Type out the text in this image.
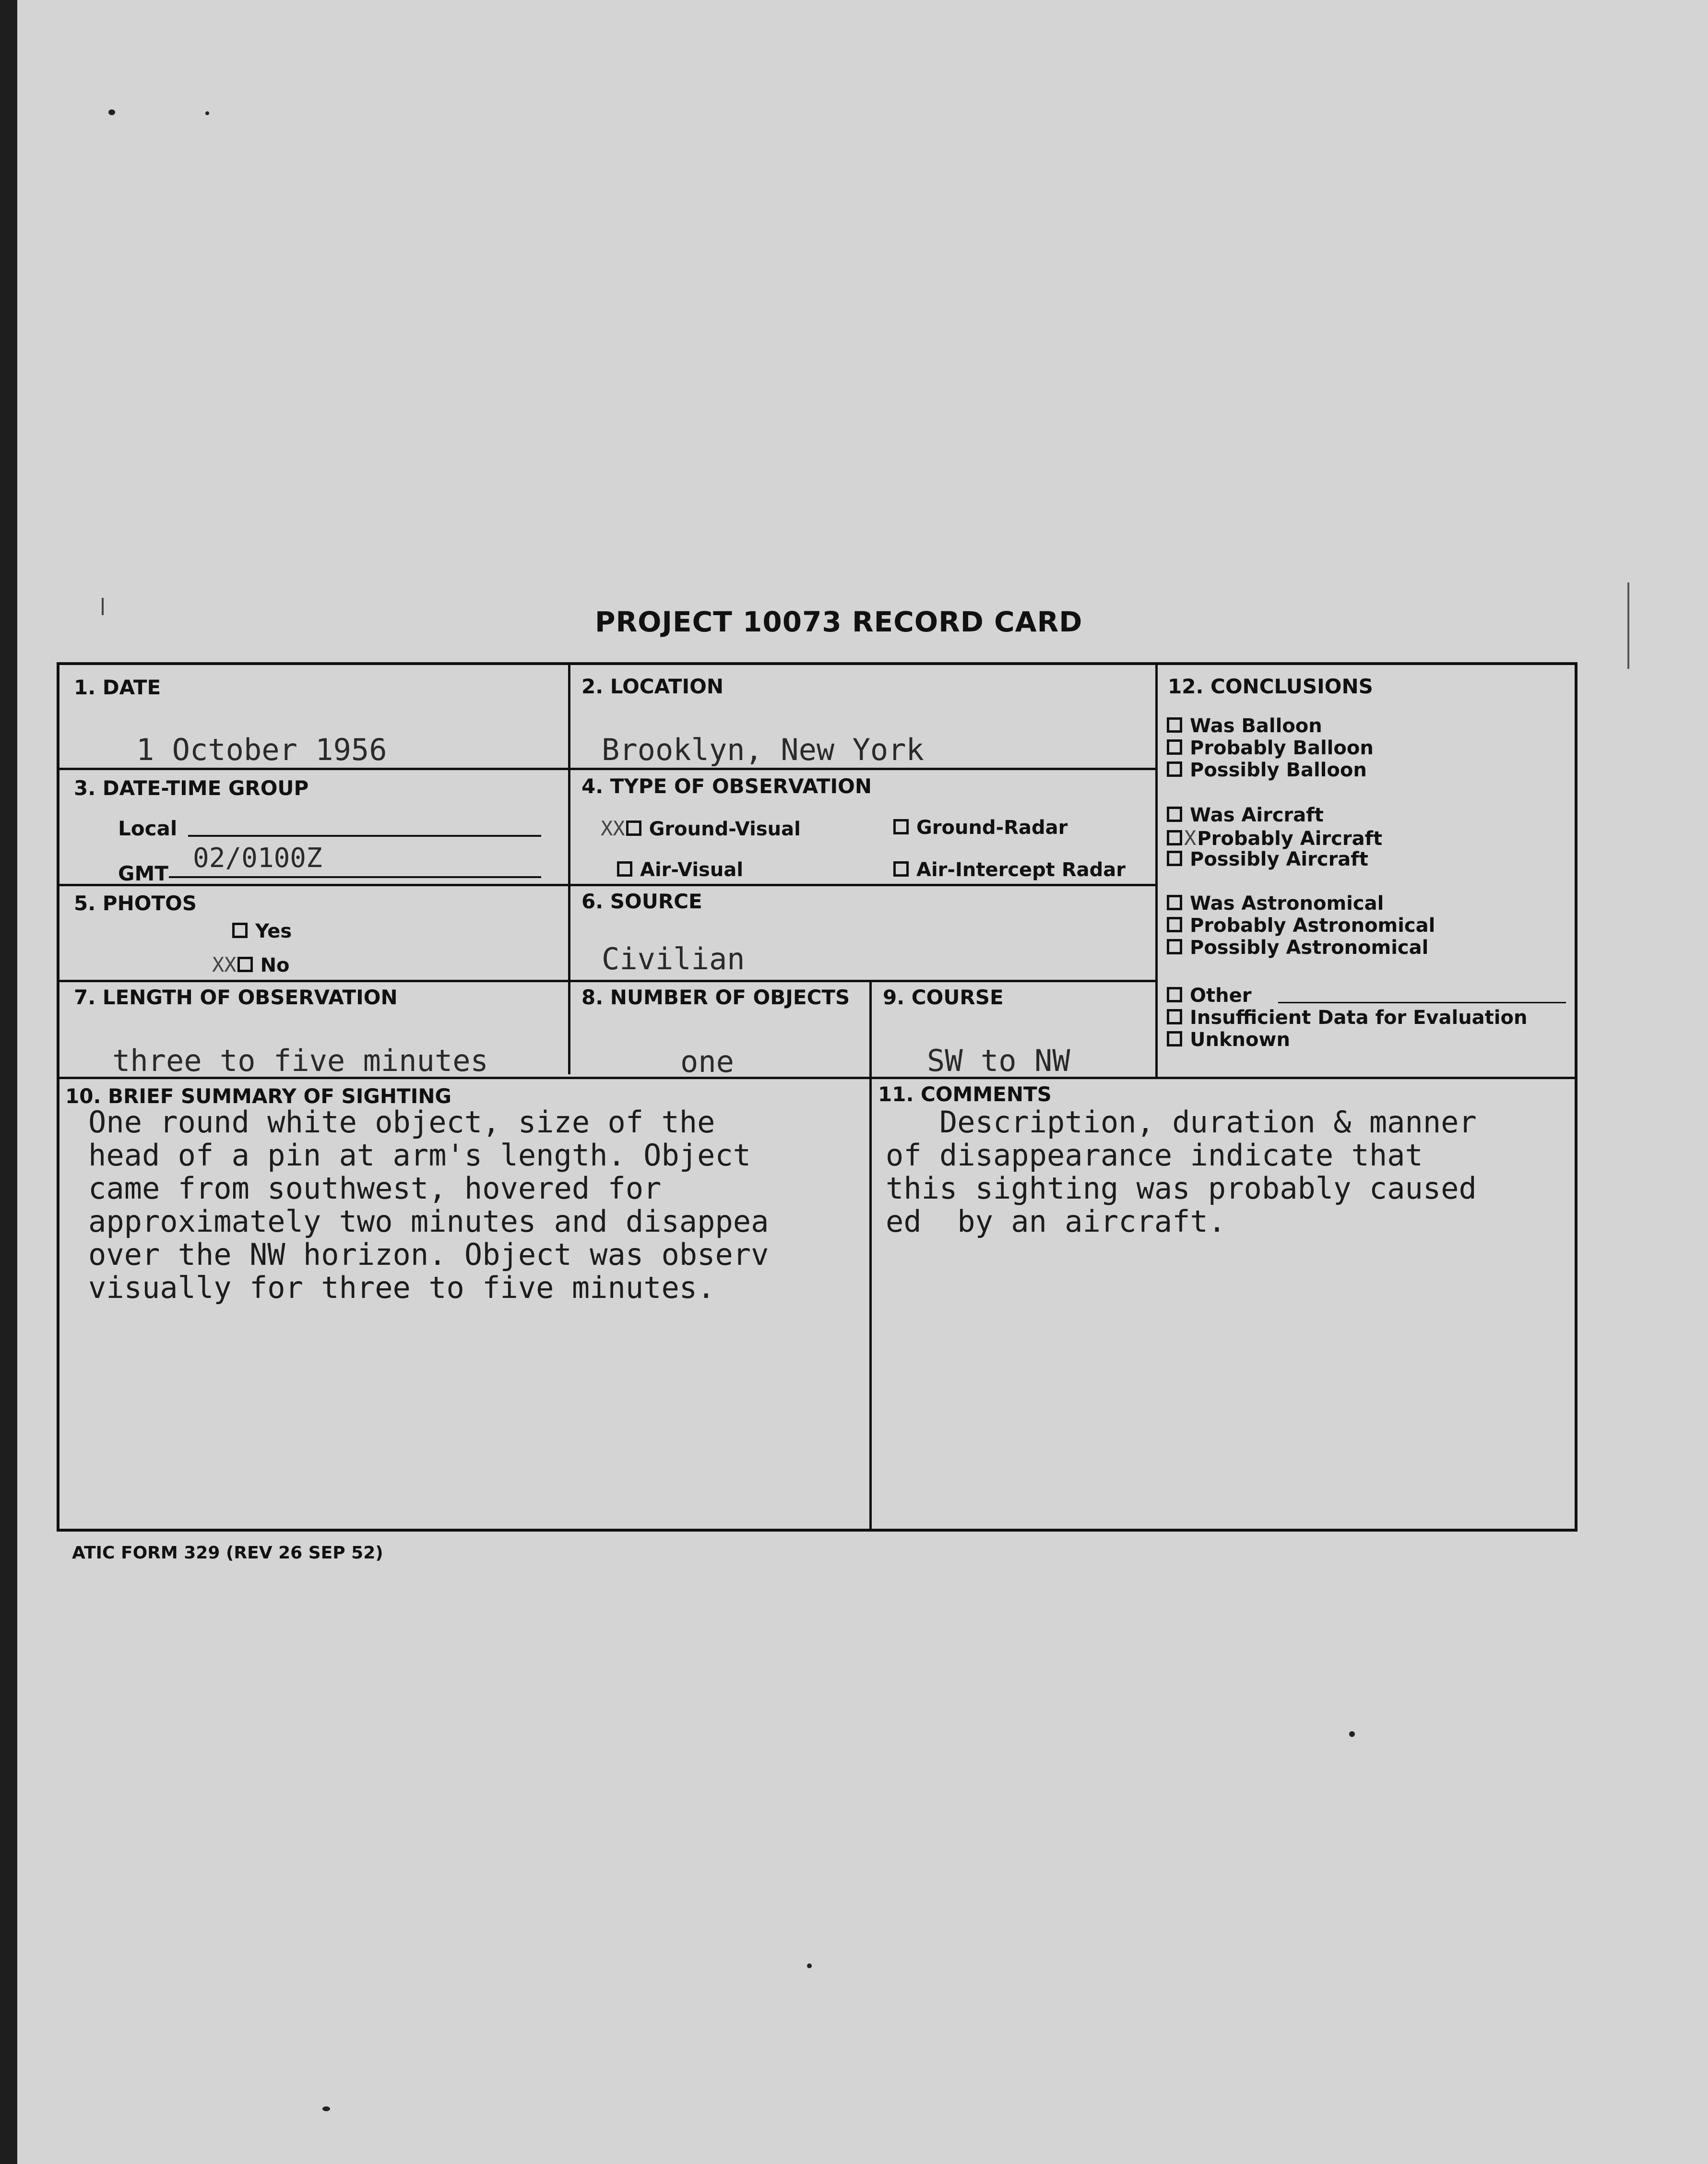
PROJECT 10073 RECORD CARD
1. DATE
1 October 1956
2. LOCATION
Brooklyn, New York
3. DATE-TIME GROUP
Local
GMT 02/0100Z
4. TYPE OF OBSERVATION
XX Ground-Visual	Ground-Radar
Air-Visual	Air-Intercept Radar
5. PHOTOS
Yes
XX No
6. SOURCE
Civilian
7. LENGTH OF OBSERVATION
three to five minutes
8. NUMBER OF OBJECTS
one
9. COURSE
SW to NW
10. BRIEF SUMMARY OF SIGHTING
One round white object, size of the
head of a pin at arm's length. Object
came from southwest, hovered for
approximately two minutes and disappea
over the NW horizon. Object was observ
visually for three to five minutes.
11. COMMENTS
Description, duration & manner
of disappearance indicate that
this sighting was probably caused
ed  by an aircraft.
12. CONCLUSIONS
Was Balloon
Probably Balloon
Possibly Balloon
Was Aircraft
XProbably Aircraft
Possibly Aircraft
Was Astronomical
Probably Astronomical
Possibly Astronomical
Other
Insufficient Data for Evaluation
Unknown
ATIC FORM 329 (REV 26 SEP 52)
